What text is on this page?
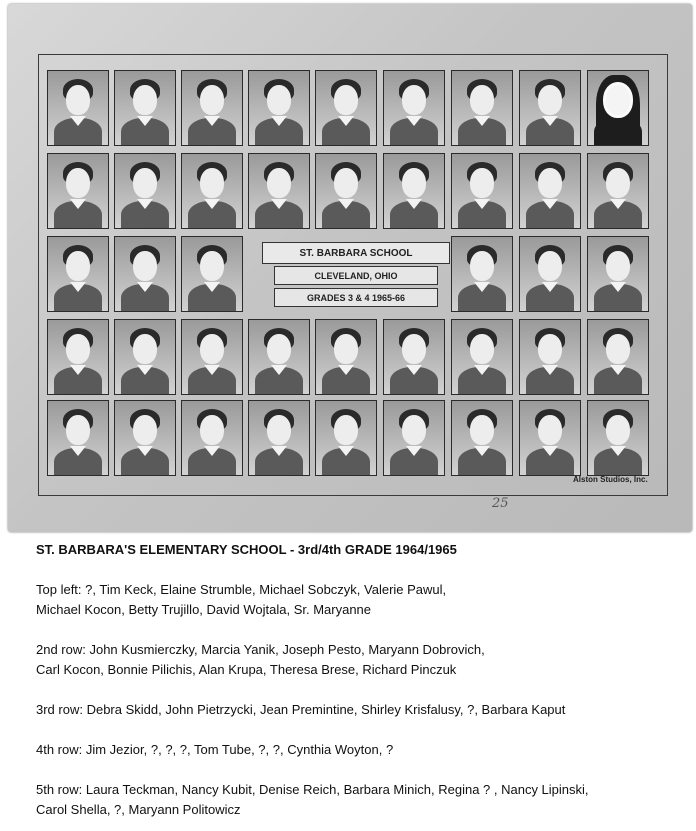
ST. BARBARA SCHOOL
CLEVELAND, OHIO
GRADES 3 & 4 1965-66
Alston Studios, Inc.
25
ST. BARBARA'S ELEMENTARY SCHOOL - 3rd/4th GRADE 1964/1965
Top left: ?, Tim Keck, Elaine Strumble, Michael Sobczyk, Valerie Pawul,
Michael Kocon, Betty Trujillo, David Wojtala, Sr. Maryanne
2nd row: John Kusmierczky, Marcia Yanik, Joseph Pesto, Maryann Dobrovich,
Carl Kocon, Bonnie Pilichis, Alan Krupa, Theresa Brese, Richard Pinczuk
3rd row: Debra Skidd, John Pietrzycki, Jean Premintine, Shirley Krisfalusy, ?, Barbara Kaput
4th row: Jim Jezior, ?, ?, ?, Tom Tube, ?, ?, Cynthia Woyton, ?
5th row: Laura Teckman, Nancy Kubit, Denise Reich, Barbara Minich, Regina ? , Nancy Lipinski,
Carol Shella, ?, Maryann Politowicz
